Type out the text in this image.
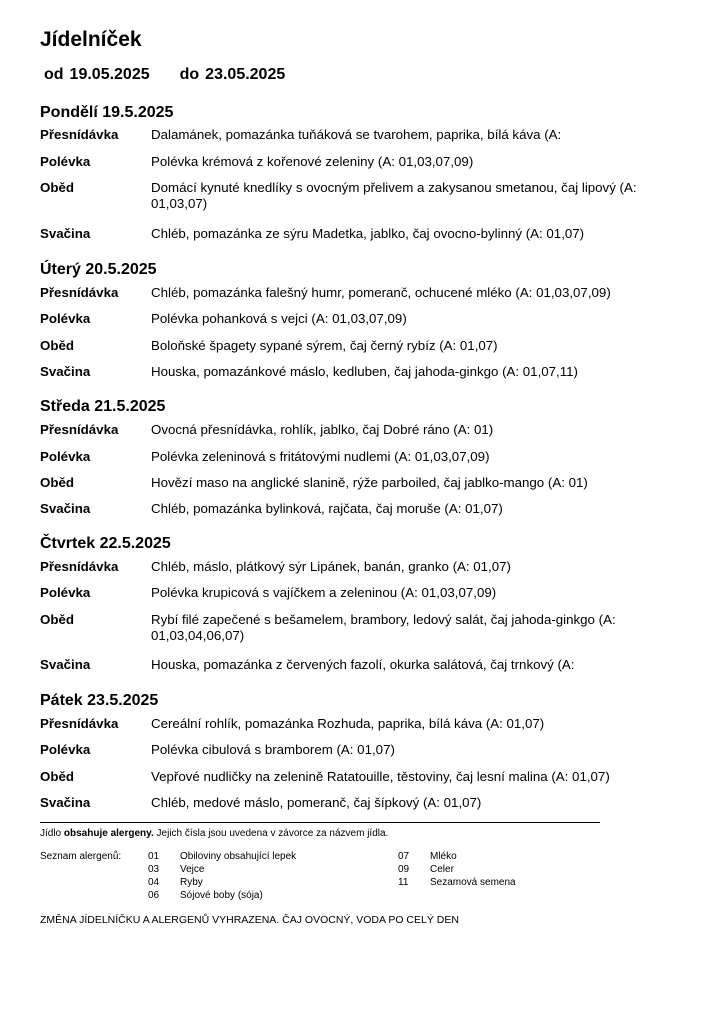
Jídelníček
od 19.05.2025 do 23.05.2025
Pondělí 19.5.2025
Přesnídávka	Dalamánek, pomazánka tuňáková se tvarohem, paprika, bílá káva (A:
Polévka	Polévka krémová z kořenové zeleniny (A: 01,03,07,09)
Oběd	Domácí kynuté knedlíky s ovocným přelivem a zakysanou smetanou, čaj lipový (A: 01,03,07)
Svačina	Chléb, pomazánka ze sýru Madetka, jablko, čaj ovocno-bylinný (A: 01,07)
Úterý 20.5.2025
Přesnídávka	Chléb, pomazánka falešný humr, pomeranč, ochucené mléko (A: 01,03,07,09)
Polévka	Polévka pohanková s vejci (A: 01,03,07,09)
Oběd	Boloňské špagety sypané sýrem, čaj černý rybíz (A: 01,07)
Svačina	Houska, pomazánkové máslo, kedluben, čaj jahoda-ginkgo (A: 01,07,11)
Středa 21.5.2025
Přesnídávka	Ovocná přesnídávka, rohlík, jablko, čaj Dobré ráno (A: 01)
Polévka	Polévka zeleninová s fritátovými nudlemi (A: 01,03,07,09)
Oběd	Hovězí maso na anglické slanině, rýže parboiled, čaj jablko-mango (A: 01)
Svačina	Chléb, pomazánka bylinková, rajčata, čaj moruše (A: 01,07)
Čtvrtek 22.5.2025
Přesnídávka	Chléb, máslo, plátkový sýr Lipánek, banán, granko (A: 01,07)
Polévka	Polévka krupicová s vajíčkem a zeleninou (A: 01,03,07,09)
Oběd	Rybí filé zapečené s bešamelem, brambory, ledový salát, čaj jahoda-ginkgo (A: 01,03,04,06,07)
Svačina	Houska, pomazánka z červených fazolí, okurka salátová, čaj trnkový (A:
Pátek 23.5.2025
Přesnídávka	Cereální rohlík, pomazánka Rozhuda, paprika, bílá káva (A: 01,07)
Polévka	Polévka cibulová s bramborem (A: 01,07)
Oběd	Vepřové nudličky na zelenině Ratatouille, těstoviny, čaj lesní malina (A: 01,07)
Svačina	Chléb, medové máslo, pomeranč, čaj šípkový (A: 01,07)
Jídlo obsahuje alergeny. Jejich čísla jsou uvedena v závorce za názvem jídla.
Seznam alergenů:	01 Obiloviny obsahující lepek
03 Vejce
04 Ryby
06 Sójové boby (sója)
07 Mléko
09 Celer
11 Sezamová semena
ZMĚNA JÍDELNÍČKU A ALERGENŮ VYHRAZENA. ČAJ OVOCNÝ, VODA PO CELÝ DEN
